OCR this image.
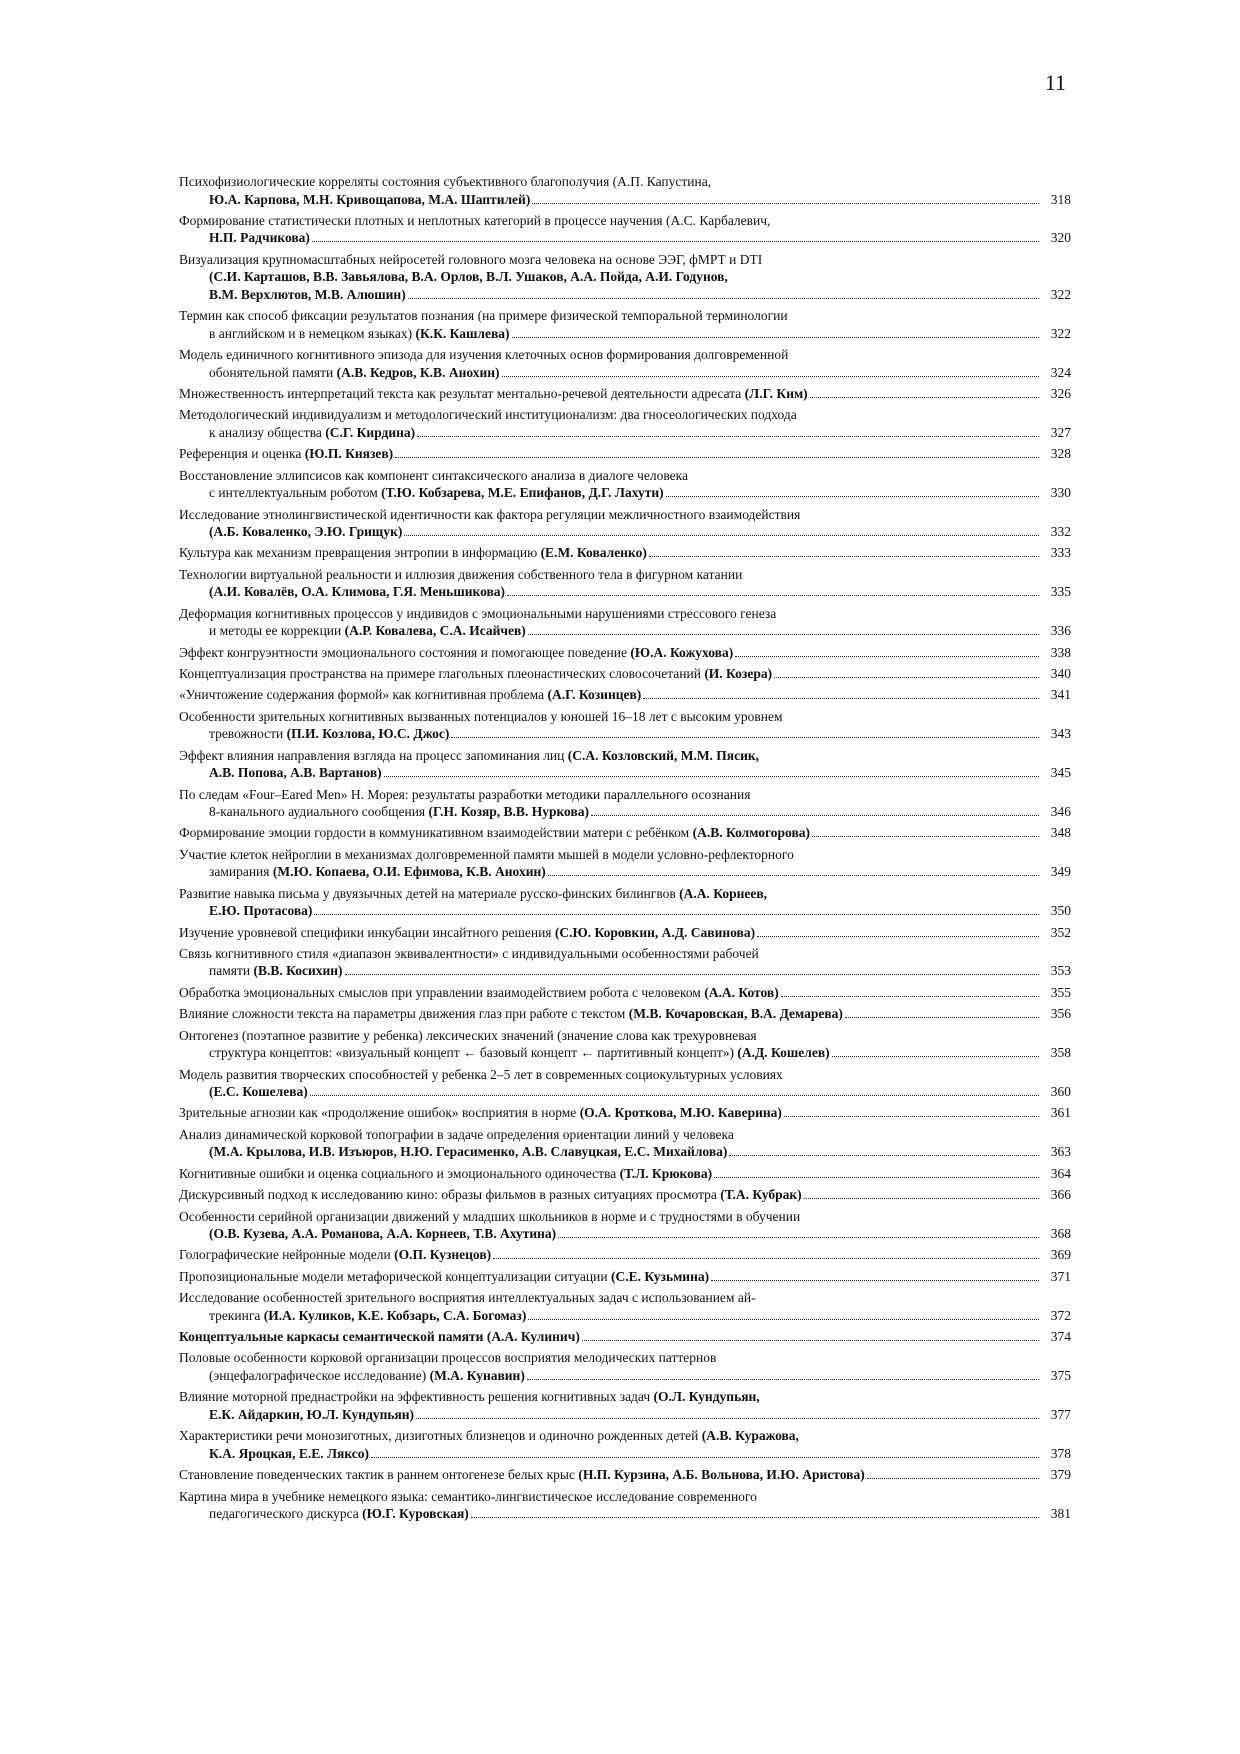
11
Психофизиологические корреляты состояния субъективного благополучия (А.П. Капустина,
Ю.А. Карпова, М.Н. Кривощапова, М.А. Шаптилей)	318
Формирование статистически плотных и неплотных категорий в процессе научения (А.С. Карбалевич,
Н.П. Радчикова)	320
Визуализация крупномасштабных нейросетей головного мозга человека на основе ЭЭГ, фМРТ и DTI
(С.И. Карташов, В.В. Завьялова, В.А. Орлов, В.Л. Ушаков, А.А. Пойда, А.И. Годунов,
В.М. Верхлютов, М.В. Алюшин)	322
Термин как способ фиксации результатов познания (на примере физической темпоральной терминологии
в английском и в немецком языках) (К.К. Кашлева)	322
Модель единичного когнитивного эпизода для изучения клеточных основ формирования долговременной
обонятельной памяти (А.В. Кедров, К.В. Анохин)	324
Множественность интерпретаций текста как результат ментально-речевой деятельности адресата (Л.Г. Ким)	326
Методологический индивидуализм и методологический институционализм: два гносеологических подхода
к анализу общества (С.Г. Кирдина)	327
Референция и оценка (Ю.П. Князев)	328
Восстановление эллипсисов как компонент синтаксического анализа в диалоге человека
с интеллектуальным роботом (Т.Ю. Кобзарева, М.Е. Епифанов, Д.Г. Лахути)	330
Исследование этнолингвистической идентичности как фактора регуляции межличностного взаимодействия
(А.Б. Коваленко, Э.Ю. Грищук)	332
Культура как механизм превращения энтропии в информацию (Е.М. Коваленко)	333
Технологии виртуальной реальности и иллюзия движения собственного тела в фигурном катании
(А.И. Ковалёв, О.А. Климова, Г.Я. Меньшикова)	335
Деформация когнитивных процессов у индивидов с эмоциональными нарушениями стрессового генеза
и методы ее коррекции (А.Р. Ковалева, С.А. Исайчев)	336
Эффект конгруэнтности эмоционального состояния и помогающее поведение (Ю.А. Кожухова)	338
Концептуализация пространства на примере глагольных плеонастических словосочетаний (И. Козера)	340
«Уничтожение содержания формой» как когнитивная проблема (А.Г. Козинцев)	341
Особенности зрительных когнитивных вызванных потенциалов у юношей 16–18 лет с высоким уровнем
тревожности (П.И. Козлова, Ю.С. Джос)	343
Эффект влияния направления взгляда на процесс запоминания лиц (С.А. Козловский, М.М. Пясик,
А.В. Попова, А.В. Вартанов)	345
По следам «Four–Eared Men» Н. Морея: результаты разработки методики параллельного осознания
8-канального аудиального сообщения (Г.Н. Козяр, В.В. Нуркова)	346
Формирование эмоции гордости в коммуникативном взаимодействии матери с ребёнком (А.В. Колмогорова)	348
Участие клеток нейроглии в механизмах долговременной памяти мышей в модели условно-рефлекторного
замирания (М.Ю. Копаева, О.И. Ефимова, К.В. Анохин)	349
Развитие навыка письма у двуязычных детей на материале русско-финских билингвов (А.А. Корнеев,
Е.Ю. Протасова)	350
Изучение уровневой специфики инкубации инсайтного решения (С.Ю. Коровкин, А.Д. Савинова)	352
Связь когнитивного стиля «диапазон эквивалентности» с индивидуальными особенностями рабочей
памяти (В.В. Косихин)	353
Обработка эмоциональных смыслов при управлении взаимодействием робота с человеком (А.А. Котов)	355
Влияние сложности текста на параметры движения глаз при работе с текстом (М.В. Кочаровская, В.А. Демарева)	356
Онтогенез (поэтапное развитие у ребенка) лексических значений (значение слова как трехуровневая
структура концептов: «визуальный концепт ← базовый концепт ← партитивный концепт») (А.Д. Кошелев)	358
Модель развития творческих способностей у ребенка 2–5 лет в современных социокультурных условиях
(Е.С. Кошелева)	360
Зрительные агнозии как «продолжение ошибок» восприятия в норме (О.А. Кроткова, М.Ю. Каверина)	361
Анализ динамической корковой топографии в задаче определения ориентации линий у человека
(М.А. Крылова, И.В. Изъюров, Н.Ю. Герасименко, А.В. Славуцкая, Е.С. Михайлова)	363
Когнитивные ошибки и оценка социального и эмоционального одиночества (Т.Л. Крюкова)	364
Дискурсивный подход к исследованию кино: образы фильмов в разных ситуациях просмотра (Т.А. Кубрак)	366
Особенности серийной организации движений у младших школьников в норме и с трудностями в обучении
(О.В. Кузева, А.А. Романова, А.А. Корнеев, Т.В. Ахутина)	368
Голографические нейронные модели (О.П. Кузнецов)	369
Пропозициональные модели метафорической концептуализации ситуации (С.Е. Кузьмина)	371
Исследование особенностей зрительного восприятия интеллектуальных задач с использованием ай-
трекинга (И.А. Куликов, К.Е. Кобзарь, С.А. Богомаз)	372
Концептуальные каркасы семантической памяти (А.А. Кулинич)	374
Половые особенности корковой организации процессов восприятия мелодических паттернов
(энцефалографическое исследование) (М.А. Кунавин)	375
Влияние моторной преднастройки на эффективность решения когнитивных задач (О.Л. Кундупьян,
Е.К. Айдаркин, Ю.Л. Кундупьян)	377
Характеристики речи монозиготных, дизиготных близнецов и одиночно рожденных детей (А.В. Куражова,
К.А. Яроцкая, Е.Е. Ляксо)	378
Становление поведенческих тактик в раннем онтогенезе белых крыс (Н.П. Курзина, А.Б. Вольнова, И.Ю. Аристова)	379
Картина мира в учебнике немецкого языка: семантико-лингвистическое исследование современного
педагогического дискурса (Ю.Г. Куровская)	381
